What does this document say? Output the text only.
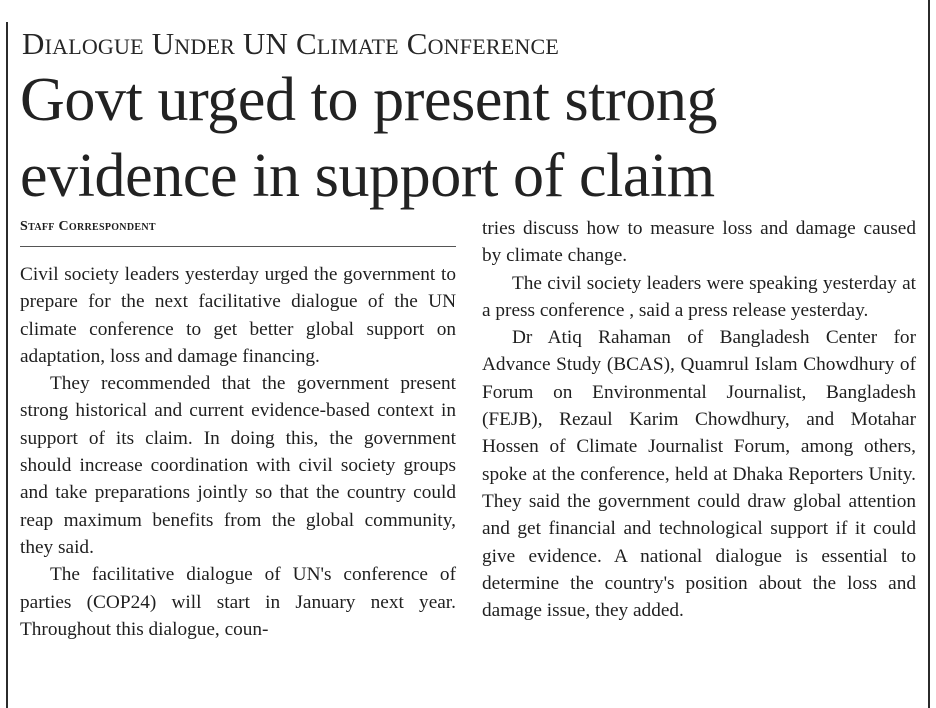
Dialogue Under UN Climate Conference
Govt urged to present strong
evidence in support of claim
Staff Correspondent

Civil society leaders yesterday urged the government to prepare for the next facilitative dialogue of the UN climate conference to get better global support on adaptation, loss and damage financing.

They recommended that the government present strong historical and current evidence-based context in support of its claim. In doing this, the government should increase coordination with civil society groups and take preparations jointly so that the country could reap maximum benefits from the global community, they said.

The facilitative dialogue of UN's conference of parties (COP24) will start in January next year. Throughout this dialogue, coun-

tries discuss how to measure loss and damage caused by climate change.

The civil society leaders were speaking yesterday at a press conference , said a press release yesterday.

Dr Atiq Rahaman of Bangladesh Center for Advance Study (BCAS), Quamrul Islam Chowdhury of Forum on Environmental Journalist, Bangladesh (FEJB), Rezaul Karim Chowdhury, and Motahar Hossen of Climate Journalist Forum, among others, spoke at the conference, held at Dhaka Reporters Unity. They said the government could draw global attention and get financial and technological support if it could give evidence. A national dialogue is essential to determine the country's position about the loss and damage issue, they added.
